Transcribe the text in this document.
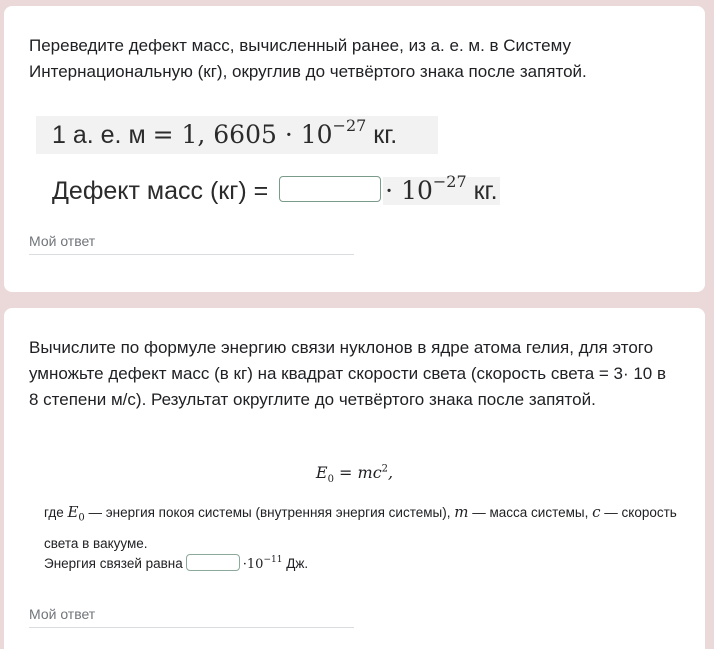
Переведите дефект масс, вычисленный ранее, из а. е. м. в Систему Интернациональную (кг), округлив до четвёртого знака после запятой.
1 а. е. м = 1, $6605 \cdot 10^{-27}$ кг.
Дефект масс (кг) =	· $10^{-27}$ кг.
Мой ответ
Вычислите по формуле энергию связи нуклонов в ядре атома гелия, для этого умножьте дефект масс (в кг) на квадрат скорости света (скорость света = 3· 10 в 8 степени м/с). Результат округлите до четвёртого знака после запятой.
$E_0 = mc^2$,
где $E_0$ — энергия покоя системы (внутренняя энергия системы), m — масса системы, c — скорость света в вакууме.
Энергия связей равна	$\cdot 10^{-11}$ Дж.
Мой ответ
